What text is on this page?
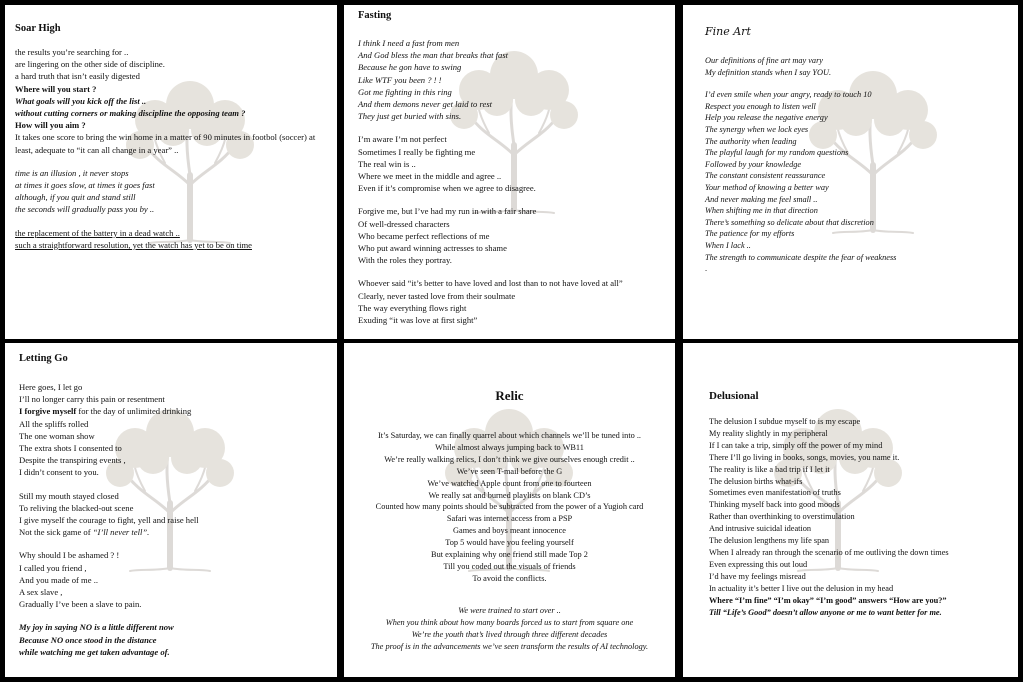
Soar High
the results you’re searching for ..
are lingering on the other side of discipline.
a hard truth that isn’t easily digested
Where will you start ?
What goals will you kick off the list ..
without cutting corners or making discipline the opposing team ?
How will you aim ?
It takes one score to bring the win home in a matter of 90 minutes in footbol (soccer) at least, adequate to “it can all change in a year” ..
time is an illusion , it never stops
at times it goes slow, at times it goes fast
although, if you quit and stand still
the seconds will gradually pass you by ..
the replacement of the battery in a dead watch ..
such a straightforward resolution, yet the watch has yet to be on time
Fasting
I think I need a fast from men
And God bless the man that breaks that fast
Because he gon have to swing
Like WTF you been ? ! !
Got me fighting in this ring
And them demons never get laid to rest
They just get buried with sins.
I’m aware I’m not perfect
Sometimes I really be fighting me
The real win is ..
Where we meet in the middle and agree ..
Even if it’s compromise when we agree to disagree.
Forgive me, but I’ve had my run in with a fair share
Of well-dressed characters
Who became perfect reflections of me
Who put award winning actresses to shame
With the roles they portray.
Whoever said “it’s better to have loved and lost than to not have loved at all”
Clearly, never tasted love from their soulmate
The way everything flows right
Exuding “it was love at first sight”
Fine Art
Our definitions of fine art may vary
My definition stands when I say YOU.
I’d even smile when your angry, ready to touch 10
Respect you enough to listen well
Help you release the negative energy
The synergy when we lock eyes
The authority when leading
The playful laugh for my random questions
Followed by your knowledge
The constant consistent reassurance
Your method of knowing a better way
And never making me feel small ..
When shifting me in that direction
There’s something so delicate about that discretion
The patience for my efforts
When I lack ..
The strength to communicate despite the fear of weakness
.
Letting Go
Here goes, I let go
I’ll no longer carry this pain or resentment
I forgive myself for the day of unlimited drinking
All the spliffs rolled
The one woman show
The extra shots I consented to
Despite the transpiring events ,
I didn’t consent to you.
Still my mouth stayed closed
To reliving the blacked-out scene
I give myself the courage to fight, yell and raise hell
Not the sick game of “I’ll never tell”.
Why should I be ashamed ? !
I called you friend ,
And you made of me ..
A sex slave ,
Gradually I’ve been a slave to pain.
My joy in saying NO is a little different now
Because NO once stood in the distance
while watching me get taken advantage of.
Relic
It’s Saturday, we can finally quarrel about which channels we’ll be tuned into ..
While almost always jumping back to WB11
We’re really walking relics, I don’t think we give ourselves enough credit ..
We’ve seen T-mail before the G
We’ve watched Apple count from one to fourteen
We really sat and burned playlists on blank CD’s
Counted how many points should be subtracted from the power of a Yugioh card
Safari was internet access from a PSP
Games and boys meant innocence
Top 5 would have you feeling yourself
But explaining why one friend still made Top 2
Till you coded out the visuals of friends
To avoid the conflicts.
We were trained to start over ..
When you think about how many boards forced us to start from square one
We’re the youth that’s lived through three different decades
The proof is in the advancements we’ve seen transform the results of AI technology.
Delusional
The delusion I subdue myself to is my escape
My reality slightly in my peripheral
If I can take a trip, simply off the power of my mind
There I’ll go living in books, songs, movies, you name it.
The reality is like a bad trip if I let it
The delusion births what-ifs
Sometimes even manifestation of truths
Thinking myself back into good moods
Rather than overthinking to overstimulation
And intrusive suicidal ideation
The delusion lengthens my life span
When I already ran through the scenario of me outliving the down times
Even expressing this out loud
I’d have my feelings misread
In actuality it’s better I live out the delusion in my head
Where “I’m fine” “I’m okay” “I’m good” answers “How are you?”
Till “Life’s Good” doesn’t allow anyone or me to want better for me.
